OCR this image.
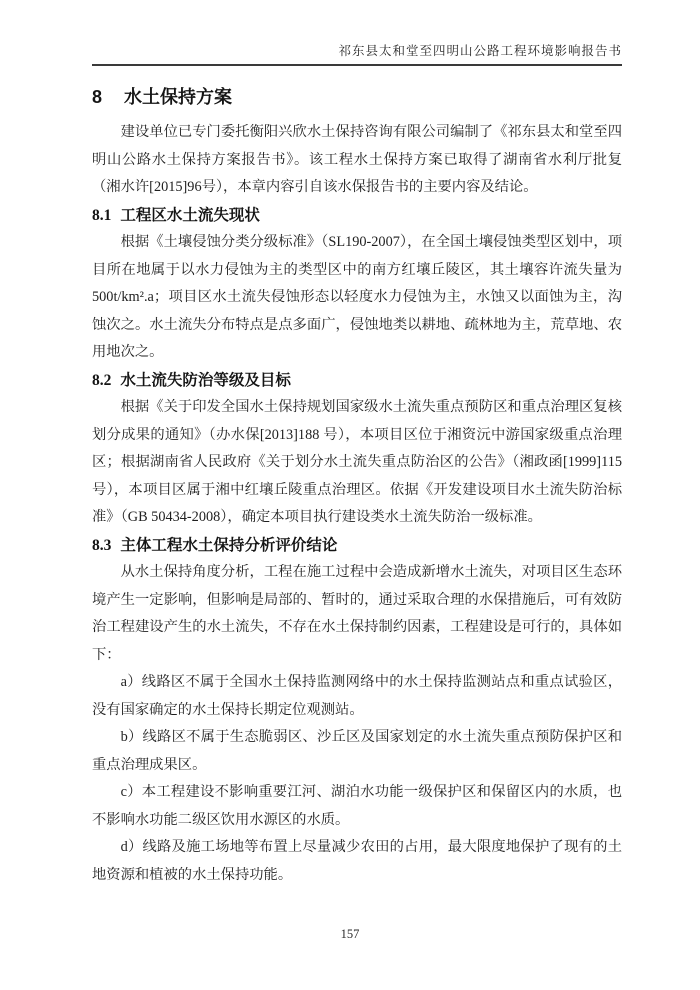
祁东县太和堂至四明山公路工程环境影响报告书
8 水土保持方案

建设单位已专门委托衡阳兴欣水土保持咨询有限公司编制了《祁东县太和堂至四明山公路水土保持方案报告书》。该工程水土保持方案已取得了湖南省水利厅批复（湘水许[2015]96号），本章内容引自该水保报告书的主要内容及结论。

8.1 工程区水土流失现状

根据《土壤侵蚀分类分级标准》（SL190-2007），在全国土壤侵蚀类型区划中，项目所在地属于以水力侵蚀为主的类型区中的南方红壤丘陵区，其土壤容许流失量为500t/km².a；项目区水土流失侵蚀形态以轻度水力侵蚀为主，水蚀又以面蚀为主，沟蚀次之。水土流失分布特点是点多面广，侵蚀地类以耕地、疏林地为主，荒草地、农用地次之。

8.2 水土流失防治等级及目标

根据《关于印发全国水土保持规划国家级水土流失重点预防区和重点治理区复核划分成果的通知》（办水保[2013]188 号），本项目区位于湘资沅中游国家级重点治理区；根据湖南省人民政府《关于划分水土流失重点防治区的公告》（湘政函[1999]115号），本项目区属于湘中红壤丘陵重点治理区。依据《开发建设项目水土流失防治标准》（GB 50434-2008），确定本项目执行建设类水土流失防治一级标准。

8.3 主体工程水土保持分析评价结论

从水土保持角度分析，工程在施工过程中会造成新增水土流失，对项目区生态环境产生一定影响，但影响是局部的、暂时的，通过采取合理的水保措施后，可有效防治工程建设产生的水土流失，不存在水土保持制约因素，工程建设是可行的，具体如下：

a）线路区不属于全国水土保持监测网络中的水土保持监测站点和重点试验区，没有国家确定的水土保持长期定位观测站。

b）线路区不属于生态脆弱区、沙丘区及国家划定的水土流失重点预防保护区和重点治理成果区。

c）本工程建设不影响重要江河、湖泊水功能一级保护区和保留区内的水质，也不影响水功能二级区饮用水源区的水质。

d）线路及施工场地等布置上尽量减少农田的占用，最大限度地保护了现有的土地资源和植被的水土保持功能。

157
